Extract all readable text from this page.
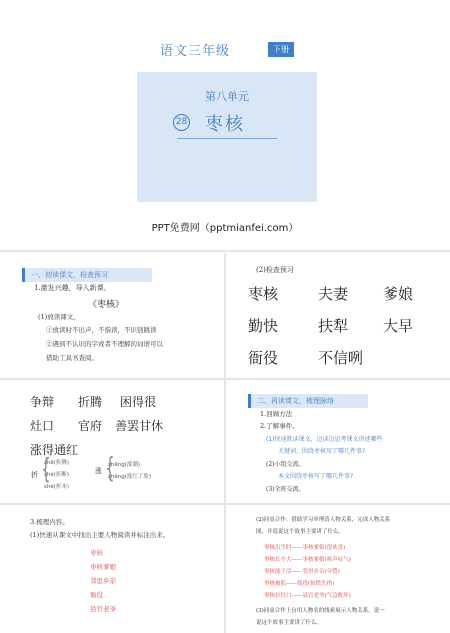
语文三年级	下册
第八单元
28 枣核
PPT免费网（pptmianfei.com）
一、初读课文，检查预习
1.激发兴趣，导入新课。
《枣核》
(1)放读课文。
①放读时不出声，不指读，不识别跳读
②遇到不认识的字或者不理解的词语可以
借助工具书查阅。
(2)检查预习
枣核	夫妻 爹娘
勤快	扶犁 大早
衙役	不信咧
争辩 折腾 困得很
灶口 官府 善罢甘休
涨得通红
折 {
zhē(折腾)
zhé(折断)
shé(折本)
涨 {
zhǎng(涨潮)
zhàng(涨红了脸)
二、再读课文，梳理脉络
1.回顾方法
2.了解事件。
(1)快速默读课文，边读边思考课文讲述哪些
关键词，围绕枣核写了哪几件事?
(2)小组交流。
本文围绕枣核写了哪几件事?
(3)全班交流。
3.梳理内容。
(1)快速从课文中找出主要人物阅读并标注出来。
枣核
枣核爹娘
邻里乡亲
衙役
县官老爷
(2)同桌合作：借助学习单理清人物关系，完成人物关系
图，并说说这个故事主要讲了什么。
枣核出生时——枣核爹娘(很欢喜)
枣核长不大——枣核爹娘(唉声叹气)
枣核能干活——邻里乡亲(夸赞)
枣核被抓——衙役(惊慌失措)
枣核拉灶口——县官老爷(气急败坏)
(3)同桌合作上台用人物名的线索展示人物关系，说一
说这个故事主要讲了什么。
